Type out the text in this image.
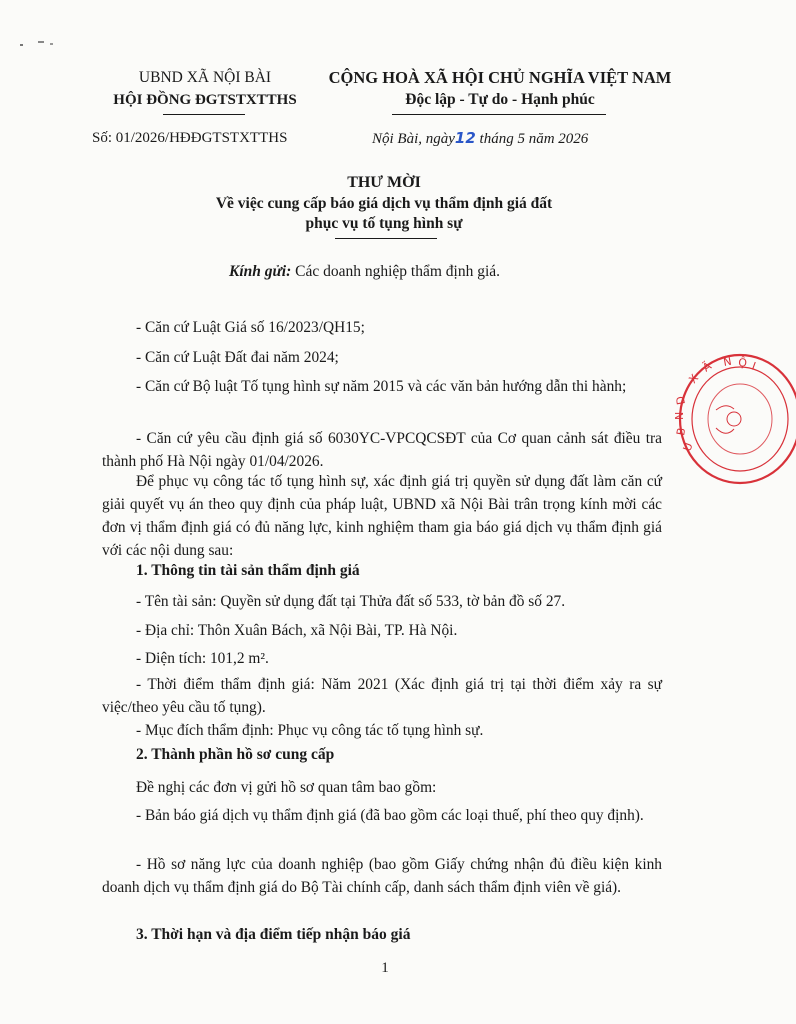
UBND XÃ NỘI BÀI
HỘI ĐỒNG ĐGTSTXTTHS
CỘNG HOÀ XÃ HỘI CHỦ NGHĨA VIỆT NAM
Độc lập - Tự do - Hạnh phúc
Số: 01/2026/HĐĐGTSTXTTHS	Nội Bài, ngày12 tháng 5 năm 2026
THƯ MỜI
Về việc cung cấp báo giá dịch vụ thẩm định giá đất
phục vụ tố tụng hình sự
Kính gửi: Các doanh nghiệp thẩm định giá.
- Căn cứ Luật Giá số 16/2023/QH15;
- Căn cứ Luật Đất đai năm 2024;
- Căn cứ Bộ luật Tố tụng hình sự năm 2015 và các văn bản hướng dẫn thi hành;
- Căn cứ yêu cầu định giá số 6030YC-VPCQCSĐT của Cơ quan cảnh sát điều tra thành phố Hà Nội ngày 01/04/2026.
Để phục vụ công tác tố tụng hình sự, xác định giá trị quyền sử dụng đất làm căn cứ giải quyết vụ án theo quy định của pháp luật, UBND xã Nội Bài trân trọng kính mời các đơn vị thẩm định giá có đủ năng lực, kinh nghiệm tham gia báo giá dịch vụ thẩm định giá với các nội dung sau:
1. Thông tin tài sản thẩm định giá
- Tên tài sản: Quyền sử dụng đất tại Thửa đất số 533, tờ bản đồ số 27.
- Địa chỉ: Thôn Xuân Bách, xã Nội Bài, TP. Hà Nội.
- Diện tích: 101,2 m².
- Thời điểm thẩm định giá: Năm 2021 (Xác định giá trị tại thời điểm xảy ra sự việc/theo yêu cầu tố tụng).
- Mục đích thẩm định: Phục vụ công tác tố tụng hình sự.
2. Thành phần hồ sơ cung cấp
Đề nghị các đơn vị gửi hồ sơ quan tâm bao gồm:
- Bản báo giá dịch vụ thẩm định giá (đã bao gồm các loại thuế, phí theo quy định).
- Hồ sơ năng lực của doanh nghiệp (bao gồm Giấy chứng nhận đủ điều kiện kinh doanh dịch vụ thẩm định giá do Bộ Tài chính cấp, danh sách thẩm định viên về giá).
3. Thời hạn và địa điểm tiếp nhận báo giá
1
U
B
N
D
X
Ã N Ộ I
